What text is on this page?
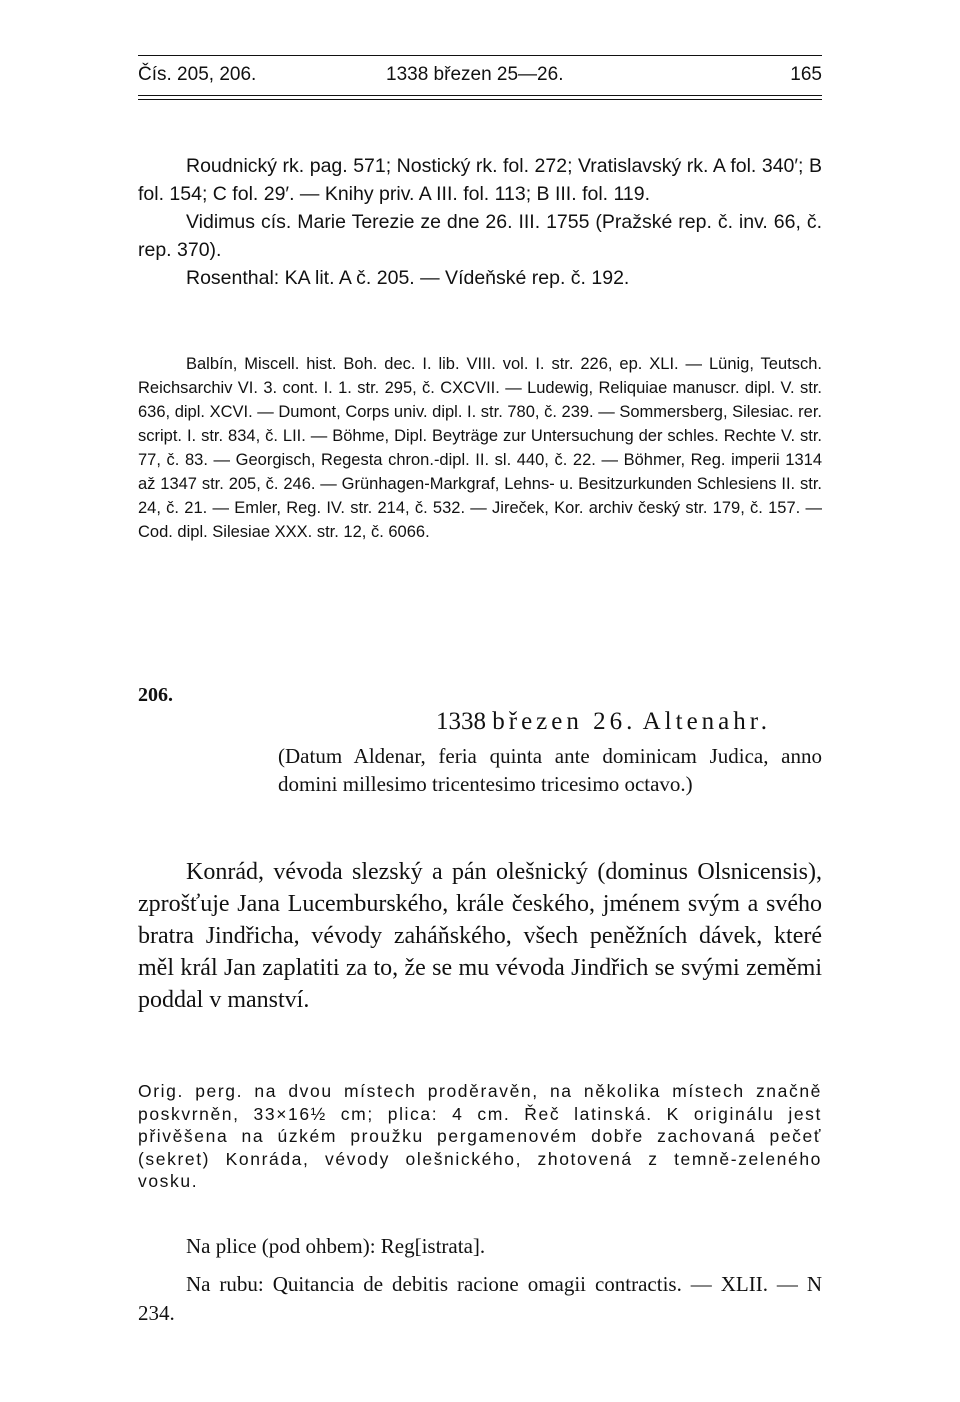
Čís. 205, 206.	1338 březen 25—26.	165

Roudnický rk. pag. 571; Nostický rk. fol. 272; Vratislavský rk. A fol. 340′; B fol. 154; C fol. 29′. — Knihy priv. A III. fol. 113; B III. fol. 119.

Vidimus cís. Marie Terezie ze dne 26. III. 1755 (Pražské rep. č. inv. 66, č. rep. 370).

Rosenthal: KA lit. A č. 205. — Vídeňské rep. č. 192.

Balbín, Miscell. hist. Boh. dec. I. lib. VIII. vol. I. str. 226, ep. XLI. — Lünig, Teutsch. Reichsarchiv VI. 3. cont. I. 1. str. 295, č. CXCVII. — Ludewig, Reliquiae manuscr. dipl. V. str. 636, dipl. XCVI. — Dumont, Corps univ. dipl. I. str. 780, č. 239. — Sommersberg, Silesiac. rer. script. I. str. 834, č. LII. — Böhme, Dipl. Beyträge zur Untersuchung der schles. Rechte V. str. 77, č. 83. — Georgisch, Regesta chron.-dipl. II. sl. 440, č. 22. — Böhmer, Reg. imperii 1314 až 1347 str. 205, č. 246. — Grünhagen-Markgraf, Lehns- u. Besitzurkunden Schlesiens II. str. 24, č. 21. — Emler, Reg. IV. str. 214, č. 532. — Jireček, Kor. archiv český str. 179, č. 157. — Cod. dipl. Silesiae XXX. str. 12, č. 6066.

206.
1338 březen 26. Altenahr.

(Datum Aldenar, feria quinta ante dominicam Judica, anno domini millesimo tricentesimo tricesimo octavo.)

Konrád, vévoda slezský a pán olešnický (dominus Olsnicensis), zprošťuje Jana Lucemburského, krále českého, jménem svým a svého bratra Jindřicha, vévody zaháňského, všech peněžních dávek, které měl král Jan zaplatiti za to, že se mu vévoda Jindřich se svými zeměmi poddal v manství.

Orig. perg. na dvou místech proděravěn, na několika místech značně poskvrněn, 33×16½ cm; plica: 4 cm. Řeč latinská. K originálu jest přivěšena na úzkém proužku pergamenovém dobře zachovaná pečeť (sekret) Konráda, vévody olešnického, zhotovená z temně-zeleného vosku.

Na plice (pod ohbem): Reg[istrata].

Na rubu: Quitancia de debitis racione omagii contractis. — XLII. — N 234.
